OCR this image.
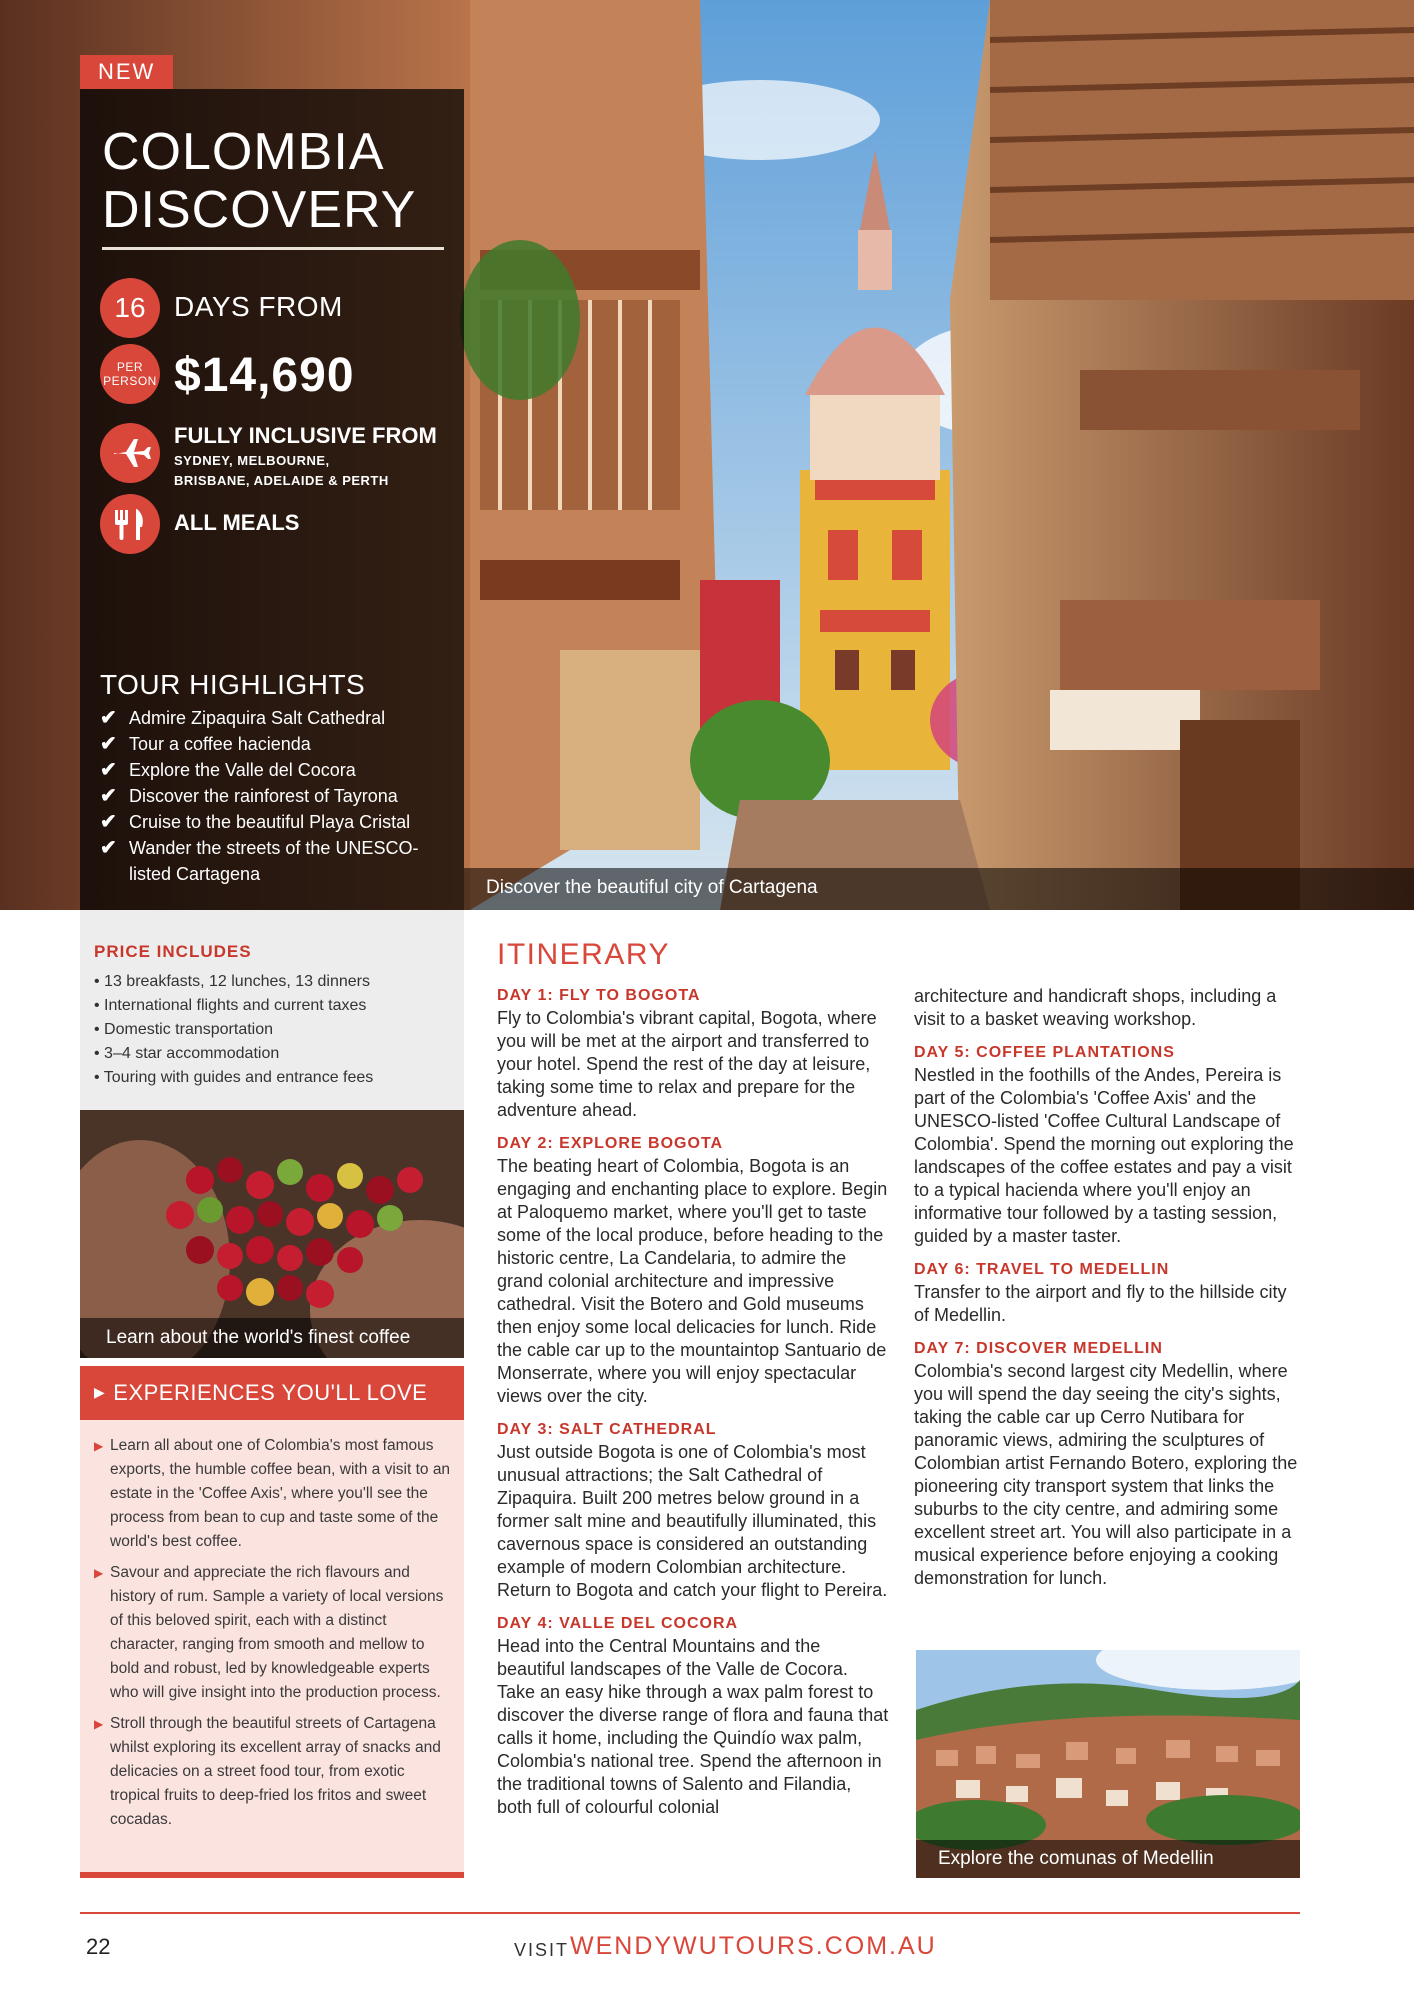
NEW
COLOMBIA
DISCOVERY
16	DAYS FROM
PER PERSON $14,690
FULLY INCLUSIVE FROM
SYDNEY, MELBOURNE, BRISBANE, ADELAIDE & PERTH
ALL MEALS
TOUR HIGHLIGHTS
✔ Admire Zipaquira Salt Cathedral
✔ Tour a coffee hacienda
✔ Explore the Valle del Cocora
✔ Discover the rainforest of Tayrona
✔ Cruise to the beautiful Playa Cristal
✔ Wander the streets of the UNESCO-listed Cartagena
Discover the beautiful city of Cartagena
PRICE INCLUDES
• 13 breakfasts, 12 lunches, 13 dinners
• International flights and current taxes
• Domestic transportation
• 3–4 star accommodation
• Touring with guides and entrance fees
Learn about the world's finest coffee
▶ EXPERIENCES YOU'LL LOVE
▶ Learn all about one of Colombia's most famous exports, the humble coffee bean, with a visit to an estate in the 'Coffee Axis', where you'll see the process from bean to cup and taste some of the world's best coffee.
▶ Savour and appreciate the rich flavours and history of rum. Sample a variety of local versions of this beloved spirit, each with a distinct character, ranging from smooth and mellow to bold and robust, led by knowledgeable experts who will give insight into the production process.
▶ Stroll through the beautiful streets of Cartagena whilst exploring its excellent array of snacks and delicacies on a street food tour, from exotic tropical fruits to deep-fried los fritos and sweet cocadas.
ITINERARY
DAY 1: FLY TO BOGOTA
Fly to Colombia's vibrant capital, Bogota, where you will be met at the airport and transferred to your hotel. Spend the rest of the day at leisure, taking some time to relax and prepare for the adventure ahead.
DAY 2: EXPLORE BOGOTA
The beating heart of Colombia, Bogota is an engaging and enchanting place to explore. Begin at Paloquemo market, where you'll get to taste some of the local produce, before heading to the historic centre, La Candelaria, to admire the grand colonial architecture and impressive cathedral. Visit the Botero and Gold museums then enjoy some local delicacies for lunch. Ride the cable car up to the mountaintop Santuario de Monserrate, where you will enjoy spectacular views over the city.
DAY 3: SALT CATHEDRAL
Just outside Bogota is one of Colombia's most unusual attractions; the Salt Cathedral of Zipaquira. Built 200 metres below ground in a former salt mine and beautifully illuminated, this cavernous space is considered an outstanding example of modern Colombian architecture. Return to Bogota and catch your flight to Pereira.
DAY 4: VALLE DEL COCORA
Head into the Central Mountains and the beautiful landscapes of the Valle de Cocora. Take an easy hike through a wax palm forest to discover the diverse range of flora and fauna that calls it home, including the Quindío wax palm, Colombia's national tree. Spend the afternoon in the traditional towns of Salento and Filandia, both full of colourful colonial
architecture and handicraft shops, including a visit to a basket weaving workshop.
DAY 5: COFFEE PLANTATIONS
Nestled in the foothills of the Andes, Pereira is part of the Colombia's 'Coffee Axis' and the UNESCO-listed 'Coffee Cultural Landscape of Colombia'. Spend the morning out exploring the landscapes of the coffee estates and pay a visit to a typical hacienda where you'll enjoy an informative tour followed by a tasting session, guided by a master taster.
DAY 6: TRAVEL TO MEDELLIN
Transfer to the airport and fly to the hillside city of Medellin.
DAY 7: DISCOVER MEDELLIN
Colombia's second largest city Medellin, where you will spend the day seeing the city's sights, taking the cable car up Cerro Nutibara for panoramic views, admiring the sculptures of Colombian artist Fernando Botero, exploring the pioneering city transport system that links the suburbs to the city centre, and admiring some excellent street art. You will also participate in a musical experience before enjoying a cooking demonstration for lunch.
Explore the comunas of Medellin
22	VISIT WENDYWUTOURS.COM.AU
